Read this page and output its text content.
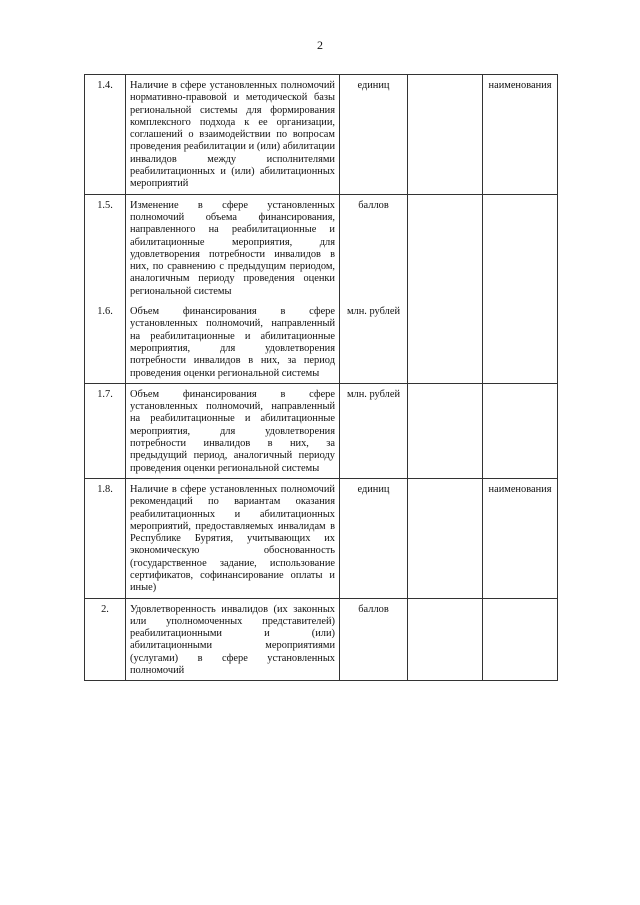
2
1.4.	Наличие в сфере установленных полномочий нормативно-правовой и методической базы региональной системы для формирования комплексного подхода к ее организации, соглашений о взаимодействии по вопросам проведения реабилитации и (или) абилитации инвалидов между исполнителями реабилитационных и (или) абилитационных мероприятий	единиц		наименования
1.5.	Изменение в сфере установленных полномочий объема финансирования, направленного на реабилитационные и абилитационные мероприятия, для удовлетворения потребности инвалидов в них, по сравнению с предыдущим периодом, аналогичным периоду проведения оценки региональной системы	баллов		
1.6.	Объем финансирования в сфере установленных полномочий, направленный на реабилитационные и абилитационные мероприятия, для удовлетворения потребности инвалидов в них, за период проведения оценки региональной системы	млн. рублей		
1.7.	Объем финансирования в сфере установленных полномочий, направленный на реабилитационные и абилитационные мероприятия, для удовлетворения потребности инвалидов в них, за предыдущий период, аналогичный периоду проведения оценки региональной системы	млн. рублей		
1.8.	Наличие в сфере установленных полномочий рекомендаций по вариантам оказания реабилитационных и абилитационных мероприятий, предоставляемых инвалидам в Республике Бурятия, учитывающих их экономическую обоснованность (государственное задание, использование сертификатов, софинансирование оплаты и иные)	единиц		наименования
2.	Удовлетворенность инвалидов (их законных или уполномоченных представителей) реабилитационными и (или) абилитационными мероприятиями (услугами) в сфере установленных полномочий	баллов		
